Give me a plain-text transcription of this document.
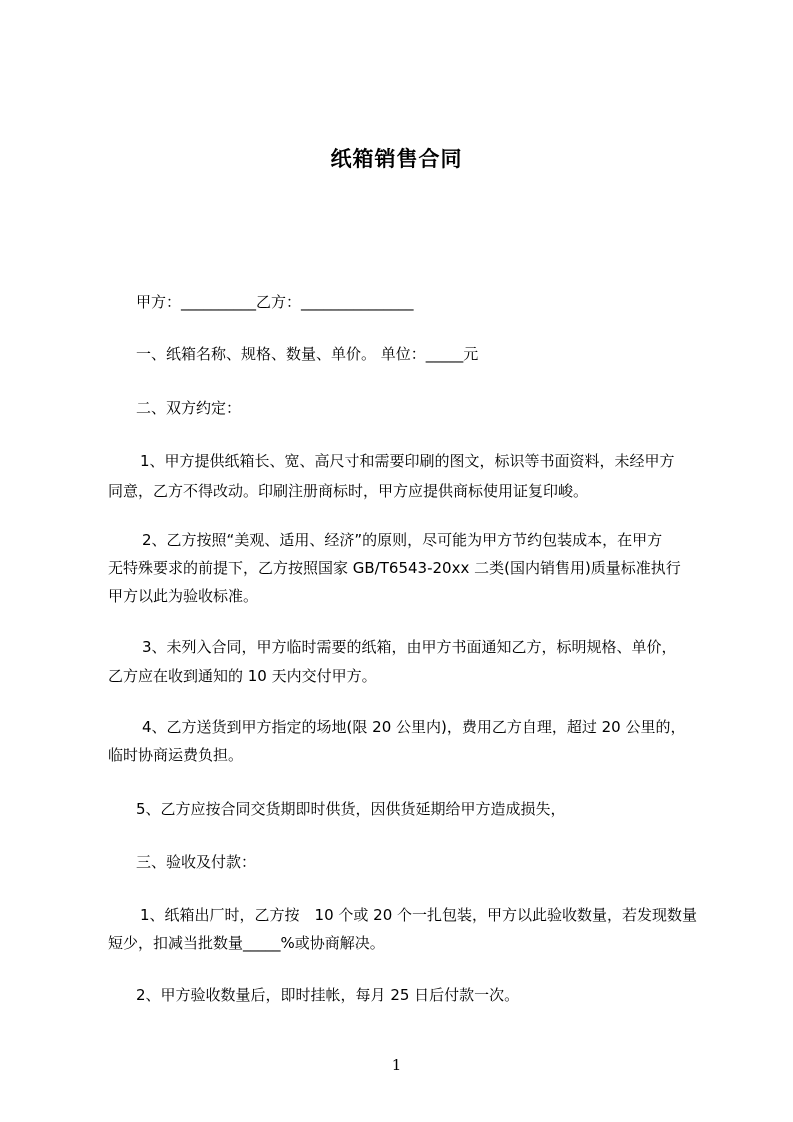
纸箱销售合同
甲方：__________乙方：_______________
一、纸箱名称、规格、数量、单价。 单位：_____元
二、双方约定：
1、甲方提供纸箱长、宽、高尺寸和需要印刷的图文，标识等书面资料，未经甲方
同意，乙方不得改动。印刷注册商标时，甲方应提供商标使用证复印峻。
2、乙方按照“美观、适用、经济”的原则，尽可能为甲方节约包装成本，在甲方
无特殊要求的前提下，乙方按照国家 GB/T6543-20xx 二类(国内销售用)质量标准执行
甲方以此为验收标准。
3、未列入合同，甲方临时需要的纸箱，由甲方书面通知乙方，标明规格、单价，
乙方应在收到通知的 10 天内交付甲方。
4、乙方送货到甲方指定的场地(限 20 公里内)，费用乙方自理，超过 20 公里的，
临时协商运费负担。
5、乙方应按合同交货期即时供货，因供货延期给甲方造成损失，
三、验收及付款：
1、纸箱出厂时，乙方按　10 个或 20 个一扎包装，甲方以此验收数量，若发现数量
短少，扣减当批数量_____%或协商解决。
2、甲方验收数量后，即时挂帐，每月 25 日后付款一次。
1
